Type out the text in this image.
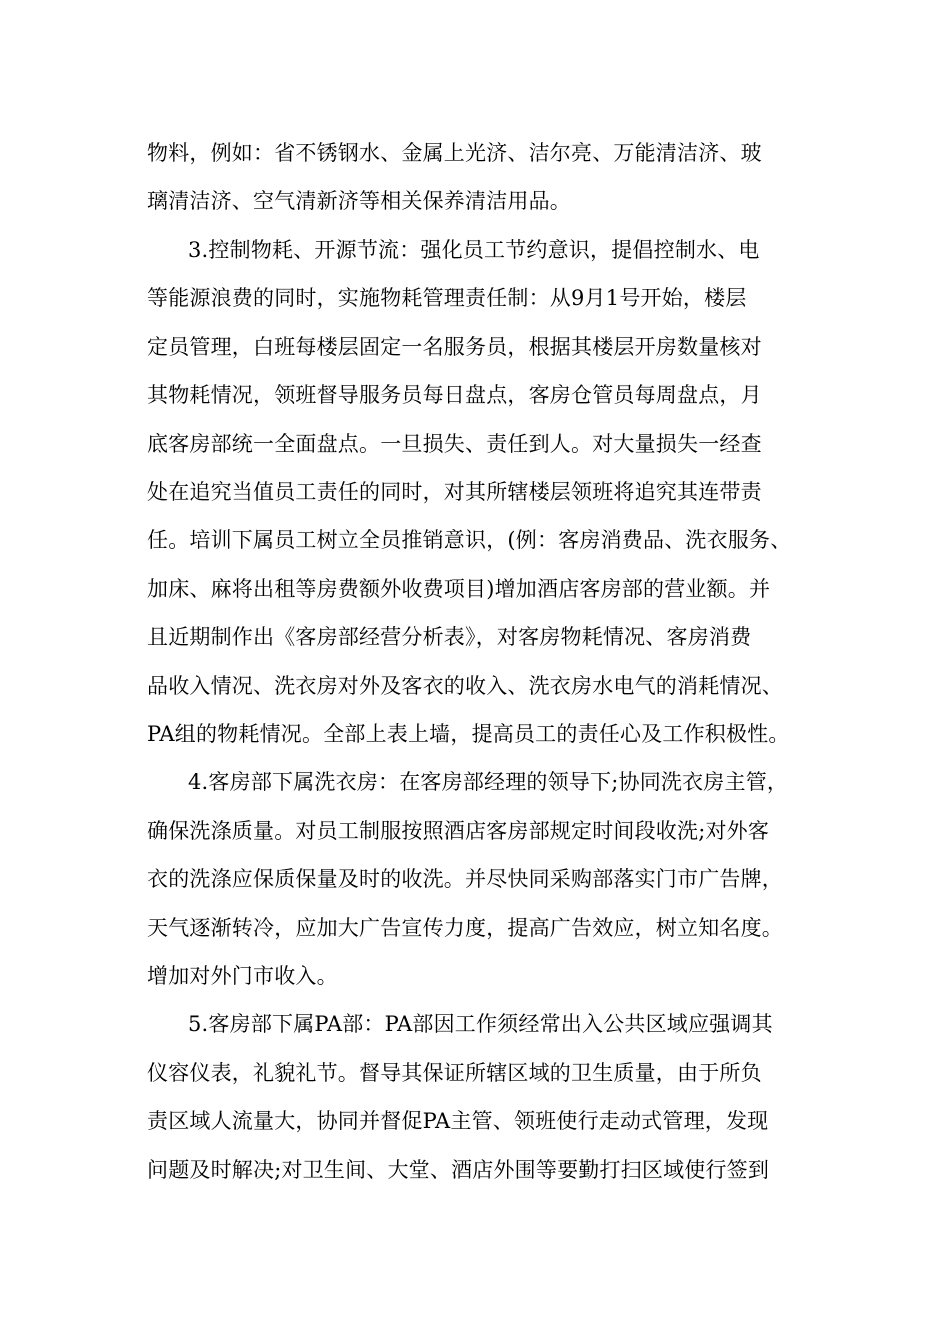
物料，例如：省不锈钢水、金属上光济、洁尔亮、万能清洁济、玻
璃清洁济、空气清新济等相关保养清洁用品。
3.控制物耗、开源节流：强化员工节约意识，提倡控制水、电
等能源浪费的同时，实施物耗管理责任制：从9月1号开始，楼层
定员管理，白班每楼层固定一名服务员，根据其楼层开房数量核对
其物耗情况，领班督导服务员每日盘点，客房仓管员每周盘点，月
底客房部统一全面盘点。一旦损失、责任到人。对大量损失一经查
处在追究当值员工责任的同时，对其所辖楼层领班将追究其连带责
任。培训下属员工树立全员推销意识，(例：客房消费品、洗衣服务、
加床、麻将出租等房费额外收费项目)增加酒店客房部的营业额。并
且近期制作出《客房部经营分析表》，对客房物耗情况、客房消费
品收入情况、洗衣房对外及客衣的收入、洗衣房水电气的消耗情况、
PA组的物耗情况。全部上表上墙，提高员工的责任心及工作积极性。
4.客房部下属洗衣房：在客房部经理的领导下;协同洗衣房主管，
确保洗涤质量。对员工制服按照酒店客房部规定时间段收洗;对外客
衣的洗涤应保质保量及时的收洗。并尽快同采购部落实门市广告牌，
天气逐渐转冷，应加大广告宣传力度，提高广告效应，树立知名度。
增加对外门市收入。
5.客房部下属PA部：PA部因工作须经常出入公共区域应强调其
仪容仪表，礼貌礼节。督导其保证所辖区域的卫生质量，由于所负
责区域人流量大，协同并督促PA主管、领班使行走动式管理，发现
问题及时解决;对卫生间、大堂、酒店外围等要勤打扫区域使行签到
